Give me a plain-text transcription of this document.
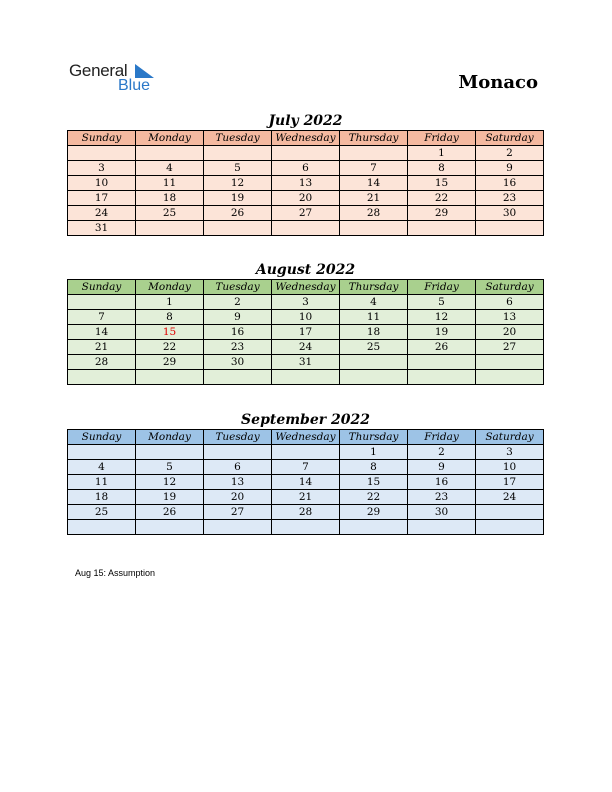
General
Blue	Monaco
July 2022
Sunday	Monday	Tuesday	Wednesday	Thursday	Friday	Saturday
					1	2
3	4	5	6	7	8	9
10	11	12	13	14	15	16
17	18	19	20	21	22	23
24	25	26	27	28	29	30
31						
August 2022
Sunday	Monday	Tuesday	Wednesday	Thursday	Friday	Saturday
	1	2	3	4	5	6
7	8	9	10	11	12	13
14	15	16	17	18	19	20
21	22	23	24	25	26	27
28	29	30	31			

September 2022
Sunday	Monday	Tuesday	Wednesday	Thursday	Friday	Saturday
				1	2	3
4	5	6	7	8	9	10
11	12	13	14	15	16	17
18	19	20	21	22	23	24
25	26	27	28	29	30	

Aug 15: Assumption
